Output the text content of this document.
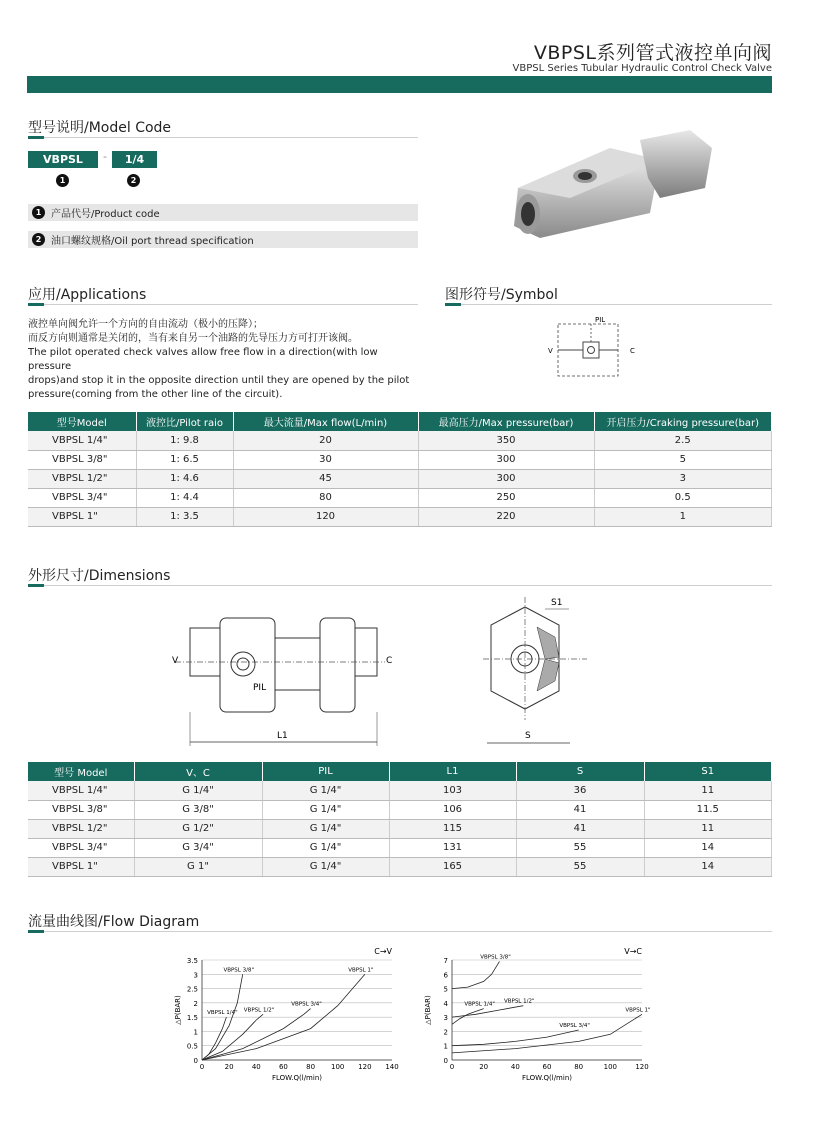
VBPSL系列管式液控单向阀
VBPSL Series Tubular Hydraulic Control Check Valve
型号说明/Model Code
VBPSL	-	1/4
1	2
1 产品代号/Product code
2 油口螺纹规格/Oil port thread specification
应用/Applications
液控单向阀允许一个方向的自由流动（极小的压降）；
而反方向则通常是关闭的，当有来自另一个油路的先导压力方可打开该阀。
The pilot operated check valves allow free flow in a direction(with low pressure
drops)and stop it in the opposite direction until they are opened by the pilot
pressure(coming from the other line of the circuit).
图形符号/Symbol
PIL
V	C
型号Model	液控比/Pilot raio	最大流量/Max flow(L/min)	最高压力/Max pressure(bar)	开启压力/Craking pressure(bar)
VBPSL 1/4"	1: 9.8	20	350	2.5
VBPSL 3/8"	1: 6.5	30	300	5
VBPSL 1/2"	1: 4.6	45	300	3
VBPSL 3/4"	1: 4.4	80	250	0.5
VBPSL 1"	1: 3.5	120	220	1
外形尺寸/Dimensions
V	C
PIL
L1
S1
S
型号 Model	V、C	PIL	L1	S	S1
VBPSL 1/4"	G 1/4"	G 1/4"	103	36	11
VBPSL 3/8"	G 3/8"	G 1/4"	106	41	11.5
VBPSL 1/2"	G 1/2"	G 1/4"	115	41	11
VBPSL 3/4"	G 3/4"	G 1/4"	131	55	14
VBPSL 1"	G 1"	G 1/4"	165	55	14
流量曲线图/Flow Diagram
0
0.5
1
1.5
2
2.5
3
3.5
0	20	40	60	80 100 120 140
C→V
FLOW.Q(l/min)
△P(BAR)	VBPSL 1/4"
VBPSL 3/8"
VBPSL 1/2"
VBPSL 3/4"
VBPSL 1"
0
1
2
3
4
5
6
7
0	20	40	60	80	100	120
V→C
FLOW.Q(l/min)
△P(BAR)
VBPSL 3/8"
VBPSL 1/4" VBPSL 1/2"
VBPSL 1"
VBPSL 3/4"
